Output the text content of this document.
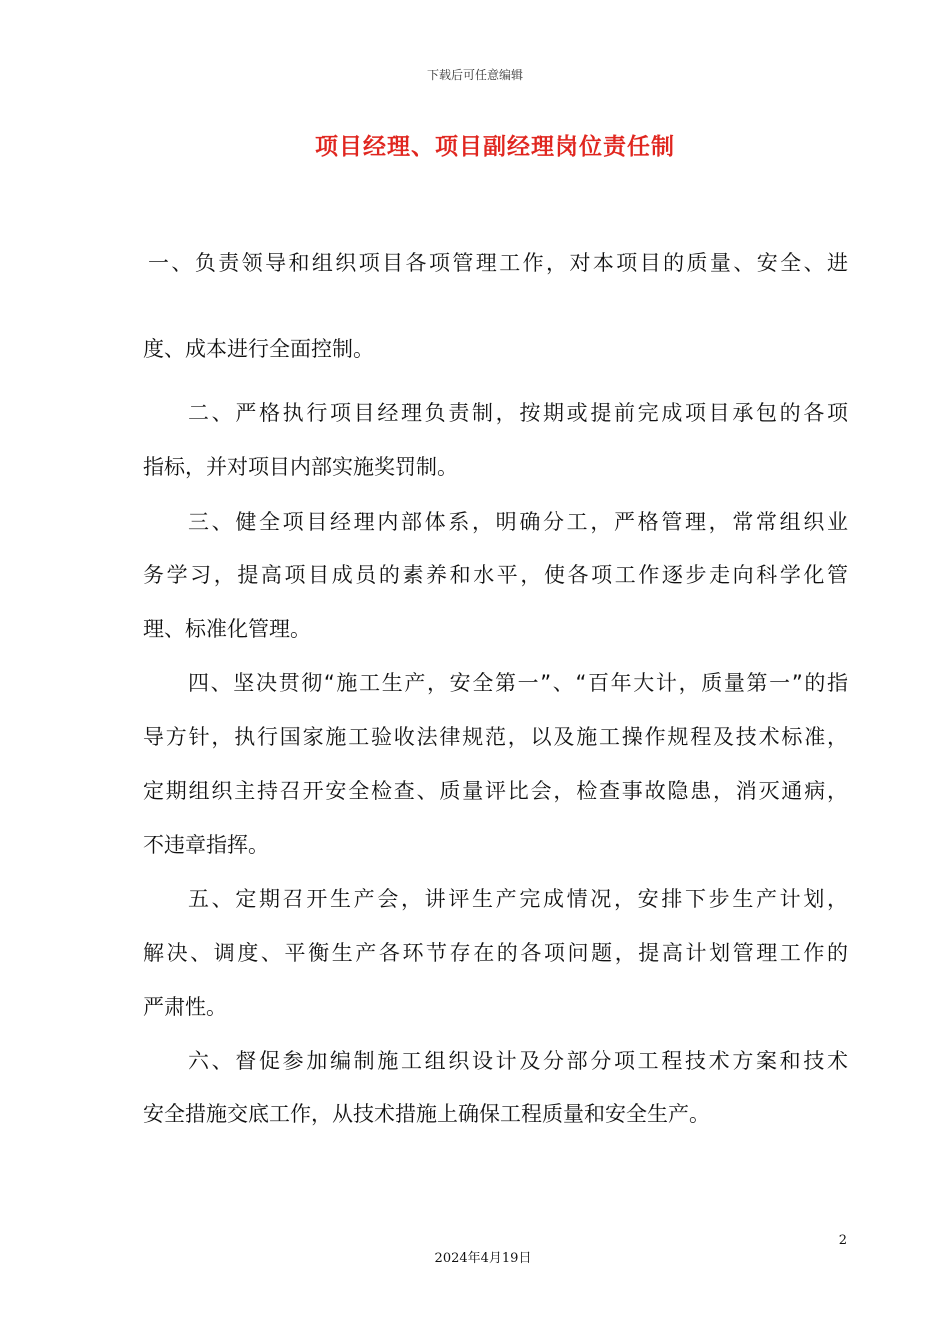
下载后可任意编辑
项目经理、项目副经理岗位责任制
一、负责领导和组织项目各项管理工作，对本项目的质量、安全、进
度、成本进行全面控制。
二、严格执行项目经理负责制，按期或提前完成项目承包的各项
指标，并对项目内部实施奖罚制。
三、健全项目经理内部体系，明确分工，严格管理，常常组织业
务学习，提高项目成员的素养和水平，使各项工作逐步走向科学化管
理、标准化管理。
四、坚决贯彻“施工生产，安全第一”、“百年大计，质量第一”的指
导方针，执行国家施工验收法律规范，以及施工操作规程及技术标准，
定期组织主持召开安全检查、质量评比会，检查事故隐患，消灭通病，
不违章指挥。
五、定期召开生产会，讲评生产完成情况，安排下步生产计划，
解决、调度、平衡生产各环节存在的各项问题，提高计划管理工作的
严肃性。
六、督促参加编制施工组织设计及分部分项工程技术方案和技术
安全措施交底工作，从技术措施上确保工程质量和安全生产。
2
2024年4月19日
